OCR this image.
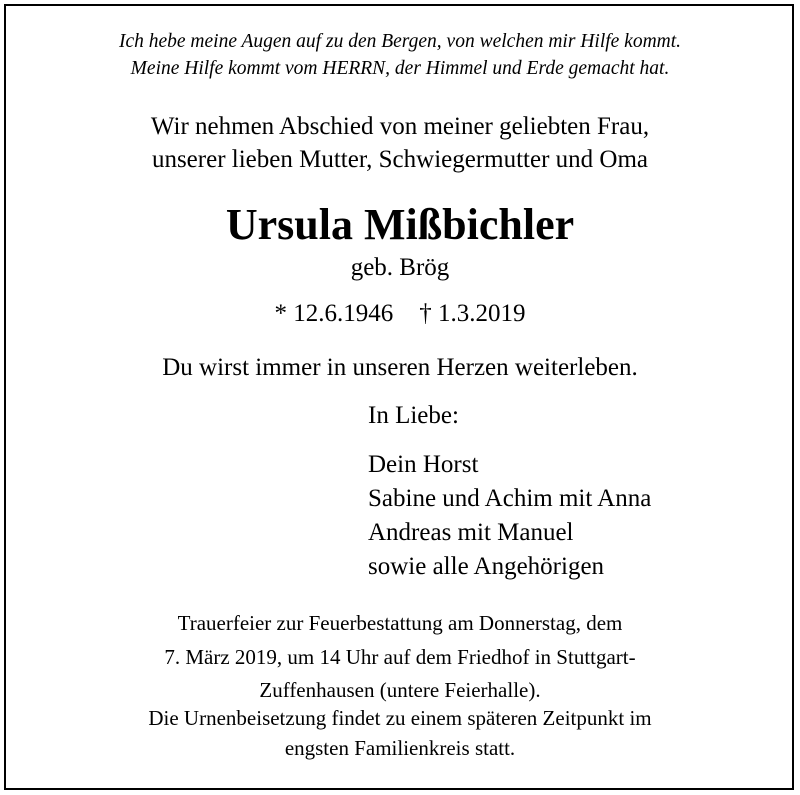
Ich hebe meine Augen auf zu den Bergen, von welchen mir Hilfe kommt.
Meine Hilfe kommt vom HERRN, der Himmel und Erde gemacht hat.
Wir nehmen Abschied von meiner geliebten Frau,
unserer lieben Mutter, Schwiegermutter und Oma
Ursula Mißbichler
geb. Brög
* 12.6.1946 † 1.3.2019
Du wirst immer in unseren Herzen weiterleben.
In Liebe:
Dein Horst
Sabine und Achim mit Anna
Andreas mit Manuel
sowie alle Angehörigen
Trauerfeier zur Feuerbestattung am Donnerstag, dem
7. März 2019, um 14 Uhr auf dem Friedhof in Stuttgart-
Zuffenhausen (untere Feierhalle).
Die Urnenbeisetzung findet zu einem späteren Zeitpunkt im
engsten Familienkreis statt.
